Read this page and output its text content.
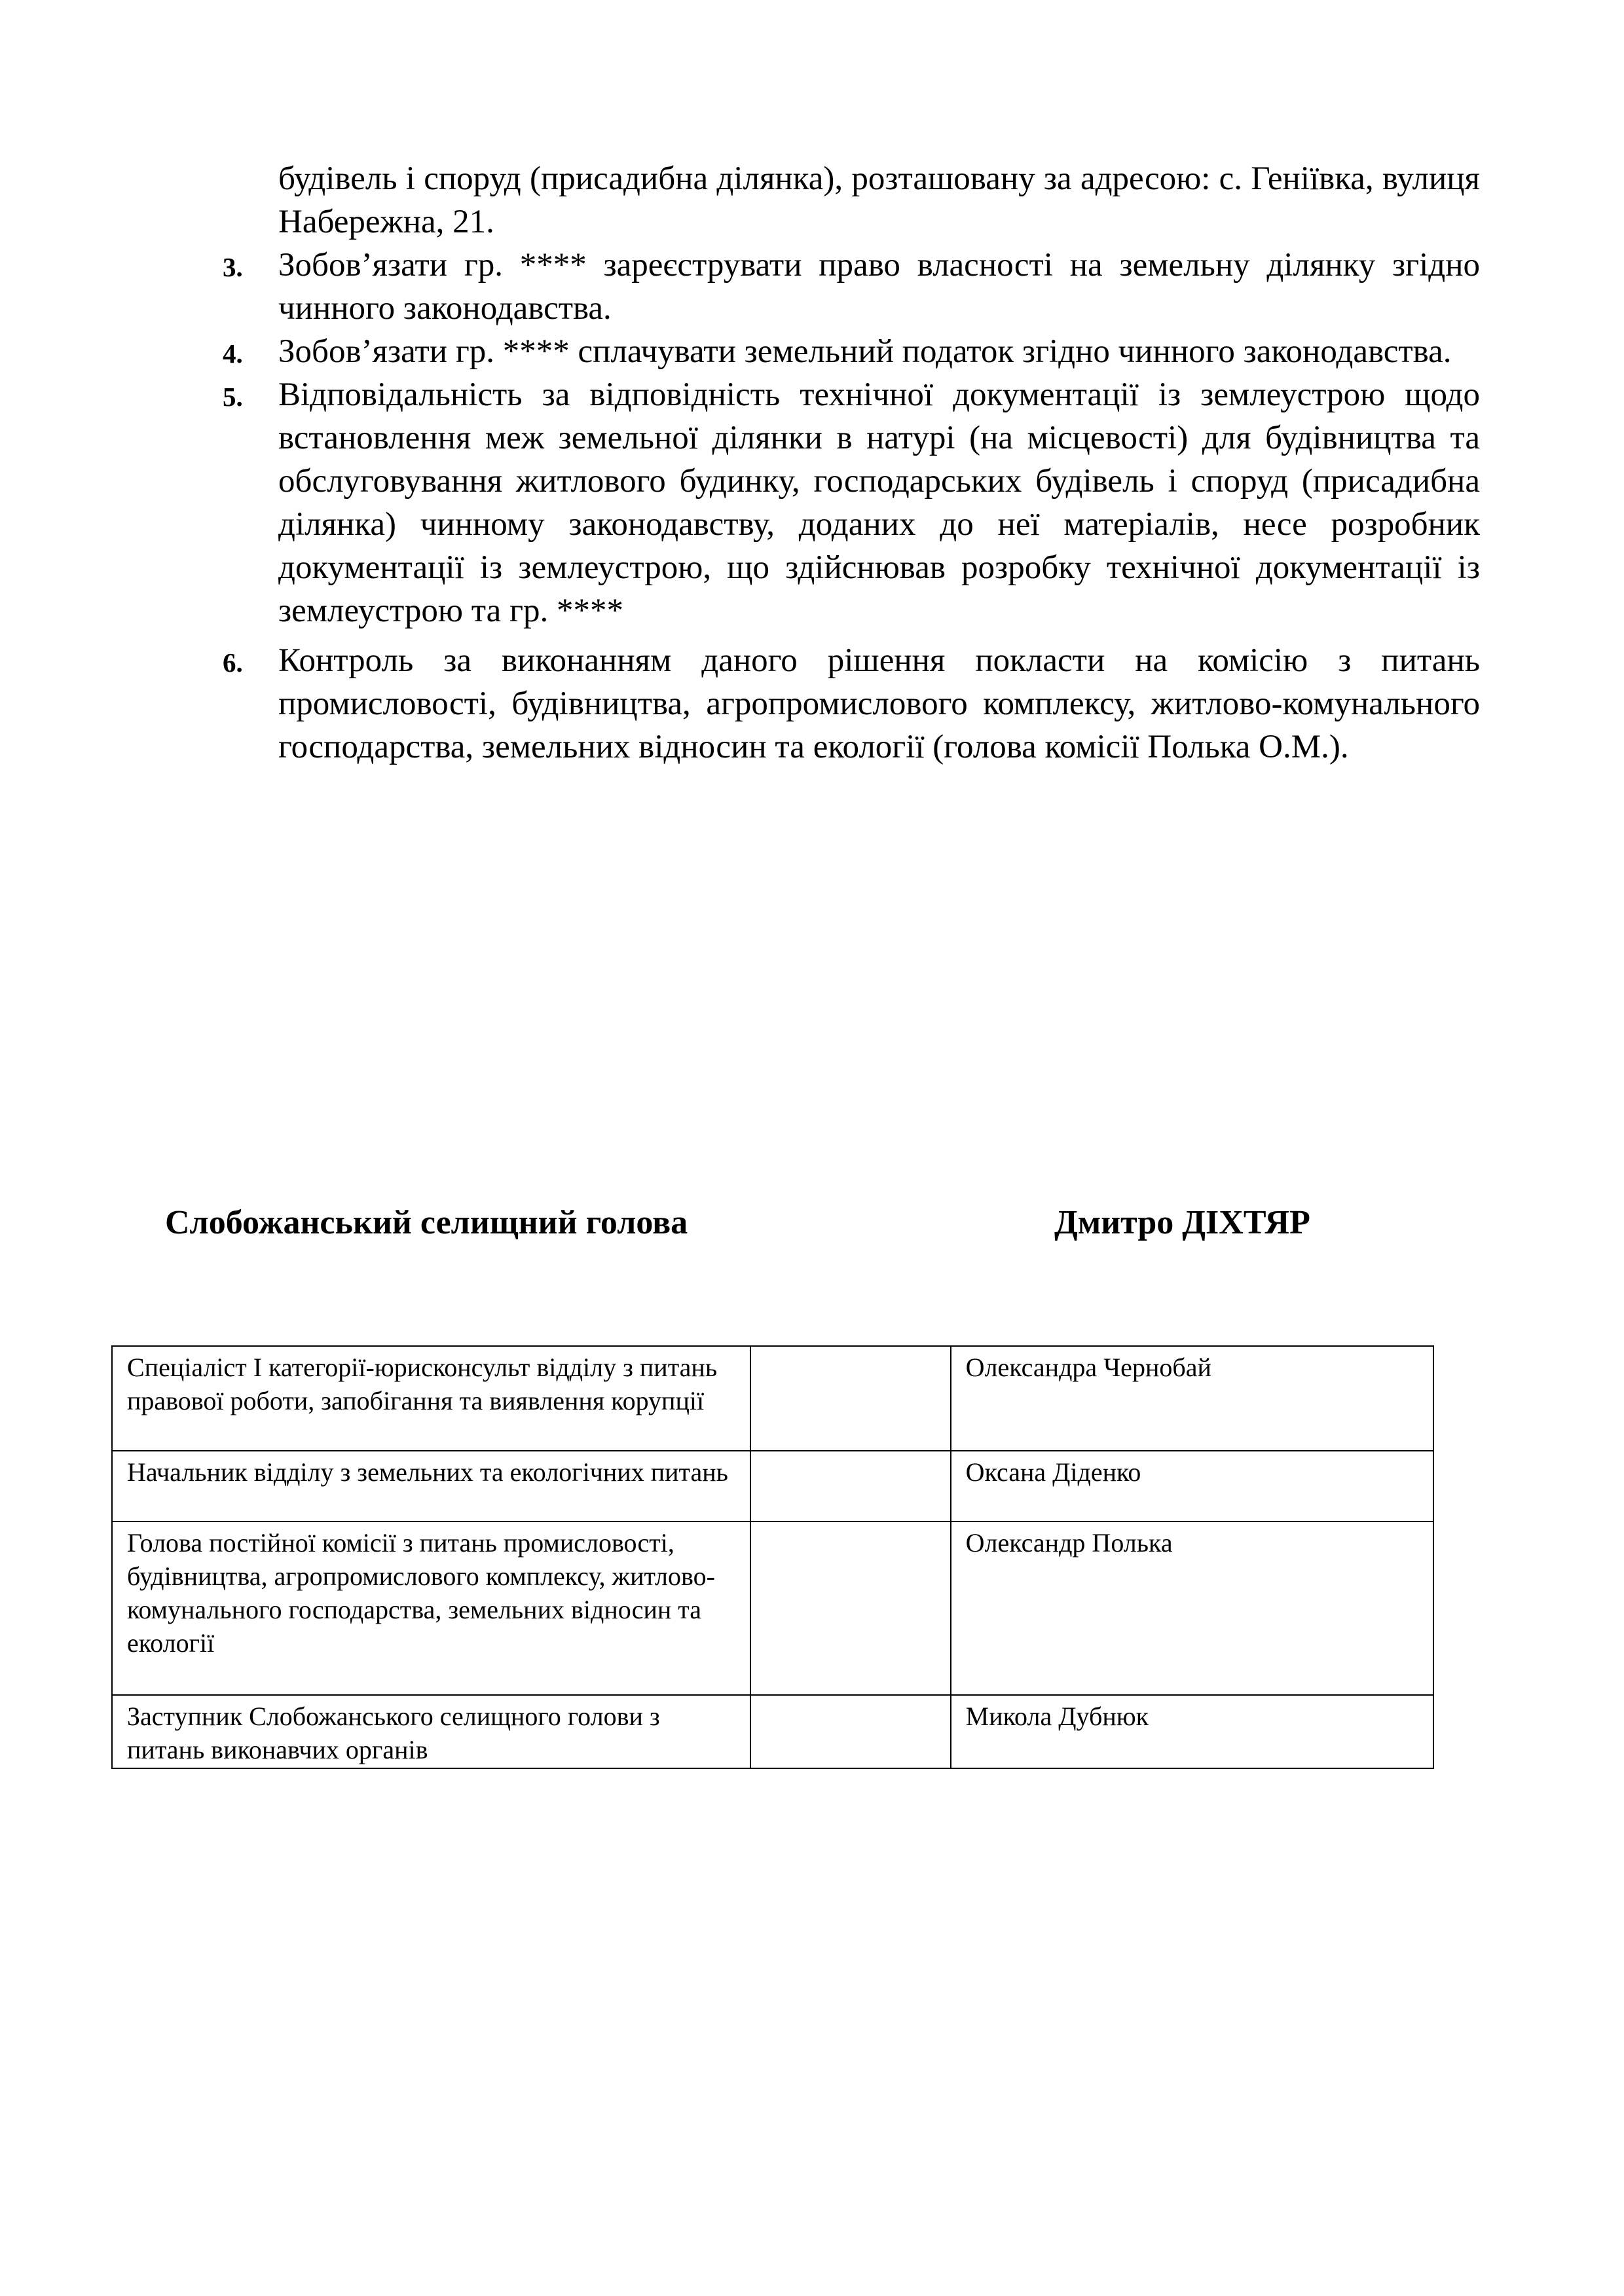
будівель і споруд (присадибна ділянка), розташовану за адресою: с. Геніївка, вулиця Набережна, 21.
3.	Зобов’язати гр. **** зареєструвати право власності на земельну ділянку згідно чинного законодавства.
4.	Зобов’язати гр. **** сплачувати земельний податок згідно чинного законодавства.
5.	Відповідальність за відповідність технічної документації із землеустрою щодо встановлення меж земельної ділянки в натурі (на місцевості) для будівництва та обслуговування житлового будинку, господарських будівель і споруд (присадибна ділянка) чинному законодавству, доданих до неї матеріалів, несе розробник документації із землеустрою, що здійснював розробку технічної документації із землеустрою та гр. ****
6.	Контроль за виконанням даного рішення покласти на комісію з питань промисловості, будівництва, агропромислового комплексу, житлово-комунального господарства, земельних відносин та екології (голова комісії Полька О.М.).
Слобожанський селищний голова	Дмитро ДІХТЯР
Спеціаліст I категорії-юрисконсульт відділу з питань правової роботи, запобігання та виявлення корупції		Олександра Чернобай
Начальник відділу з земельних та екологічних питань		Оксана Діденко
Голова постійної комісії з питань промисловості, будівництва, агропромислового комплексу, житлово-комунального господарства, земельних відносин та екології		Олександр Полька
Заступник Слобожанського селищного голови з питань виконавчих органів		Микола Дубнюк
